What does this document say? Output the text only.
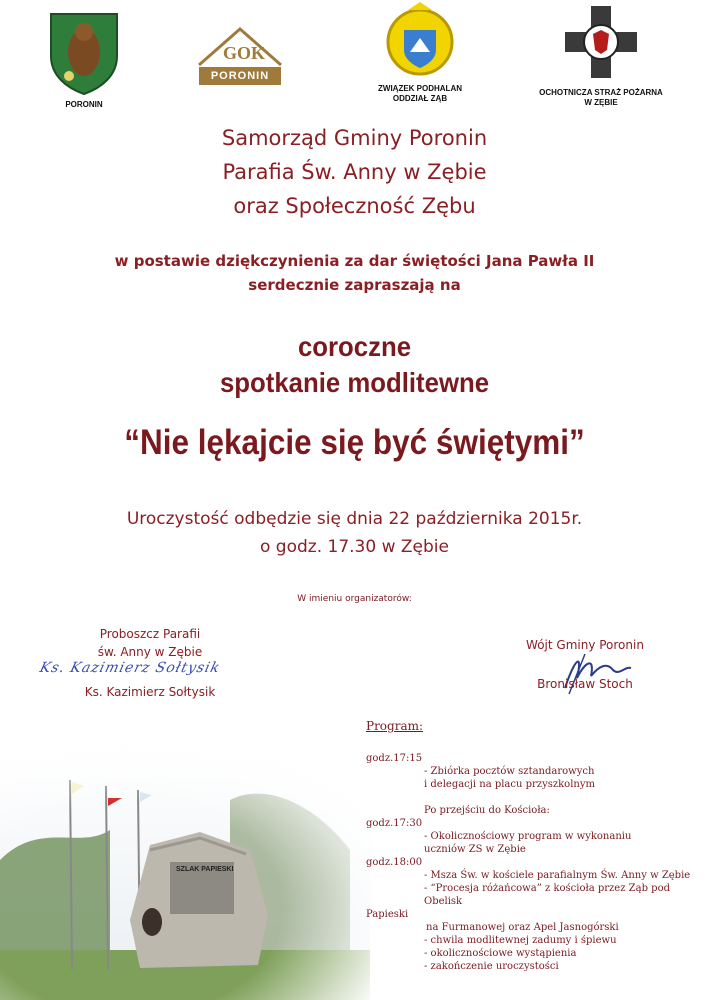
PORONIN
GOK
PORONIN
ZWIĄZEK PODHALAN
ODDZIAŁ ZĄB
OCHOTNICZA STRAŻ POŻARNA
W ZĘBIE
Samorząd Gminy Poronin
Parafia Św. Anny w Zębie
oraz Społeczność Zębu
w postawie dziękczynienia za dar świętości Jana Pawła II
serdecznie zapraszają na
coroczne
spotkanie modlitewne
“Nie lękajcie się być świętymi”
Uroczystość odbędzie się dnia 22 października 2015r.
o godz. 17.30 w Zębie
W imieniu organizatorów:
Proboszcz Parafii
św. Anny w Zębie
Ks. Kazimierz Sołtysik
Ks. Kazimierz Sołtysik
Wójt Gminy Poronin
Bronisław Stoch
SZLAK PAPIESKI
Program:
godz.17:15
- Zbiórka pocztów sztandarowych
i delegacji na placu przyszkolnym
Po przejściu do Kościoła:
godz.17:30
- Okolicznościowy program w wykonaniu
uczniów ZS w Zębie
godz.18:00
- Msza Św. w kościele parafialnym Św. Anny w Zębie
- “Procesja różańcowa” z kościoła przez Ząb pod Obelisk
Papieski
na Furmanowej oraz Apel Jasnogórski
- chwila modlitewnej zadumy i śpiewu
- okolicznościowe wystąpienia
- zakończenie uroczystości
